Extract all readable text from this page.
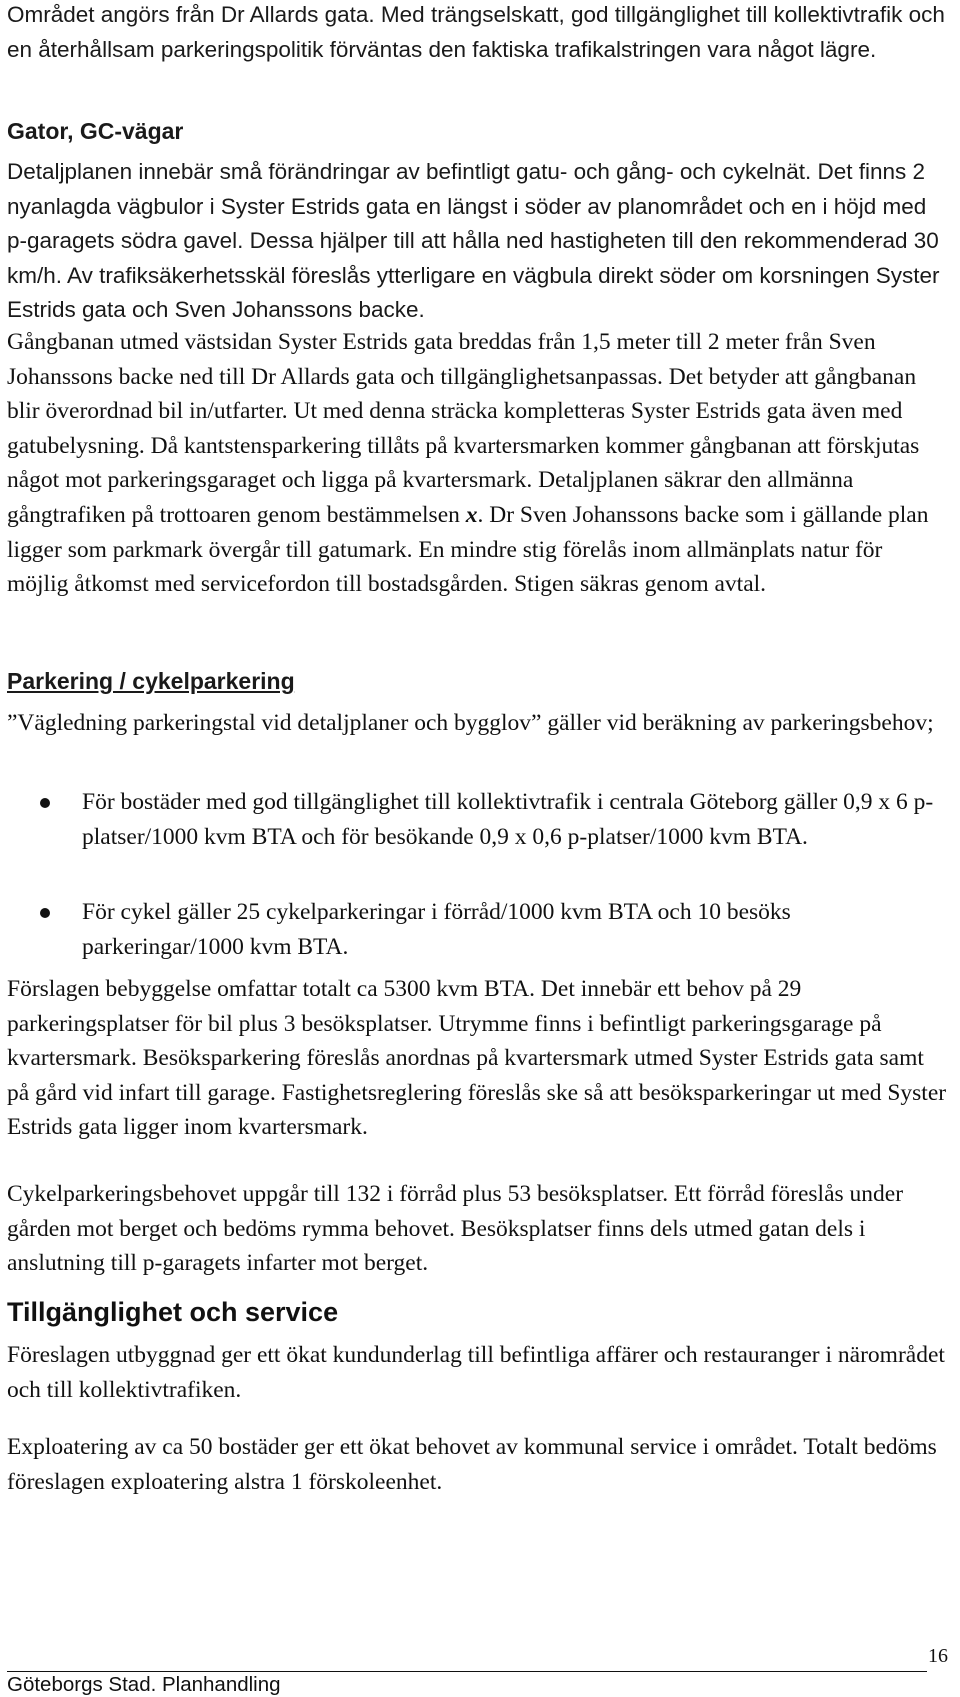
Området angörs från Dr Allards gata. Med trängselskatt, god tillgänglighet till kollektivtrafik och en återhållsam parkeringspolitik förväntas den faktiska trafikalstringen vara något lägre.

Gator, GC-vägar

Detaljplanen innebär små förändringar av befintligt gatu- och gång- och cykelnät. Det finns 2 nyanlagda vägbulor i Syster Estrids gata en längst i söder av planområdet och en i höjd med p-garagets södra gavel. Dessa hjälper till att hålla ned hastigheten till den rekommenderad 30 km/h. Av trafiksäkerhetsskäl föreslås ytterligare en vägbula direkt söder om korsningen Syster Estrids gata och Sven Johanssons backe.

Gångbanan utmed västsidan Syster Estrids gata breddas från 1,5 meter till 2 meter från Sven Johanssons backe ned till Dr Allards gata och tillgänglighetsanpassas. Det betyder att gångbanan blir överordnad bil in/utfarter. Ut med denna sträcka kompletteras Syster Estrids gata även med gatubelysning. Då kantstensparkering tillåts på kvartersmarken kommer gångbanan att förskjutas något mot parkeringsgaraget och ligga på kvartersmark. Detaljplanen säkrar den allmänna gångtrafiken på trottoaren genom bestämmelsen x. Dr Sven Johanssons backe som i gällande plan ligger som parkmark övergår till gatumark. En mindre stig förelås inom allmänplats natur för möjlig åtkomst med servicefordon till bostadsgården. Stigen säkras genom avtal.

Parkering / cykelparkering

”Vägledning parkeringstal vid detaljplaner och bygglov” gäller vid beräkning av parkeringsbehov;

För bostäder med god tillgänglighet till kollektivtrafik i centrala Göteborg gäller 0,9 x 6 p-platser/1000 kvm BTA och för besökande 0,9 x 0,6 p-platser/1000 kvm BTA.

För cykel gäller 25 cykelparkeringar i förråd/1000 kvm BTA och 10 besöks parkeringar/1000 kvm BTA.

Förslagen bebyggelse omfattar totalt ca 5300 kvm BTA. Det innebär ett behov på 29 parkeringsplatser för bil plus 3 besöksplatser. Utrymme finns i befintligt parkeringsgarage på kvartersmark. Besöksparkering föreslås anordnas på kvartersmark utmed Syster Estrids gata samt på gård vid infart till garage. Fastighetsreglering föreslås ske så att besöksparkeringar ut med Syster Estrids gata ligger inom kvartersmark.

Cykelparkeringsbehovet uppgår till 132 i förråd plus 53 besöksplatser. Ett förråd föreslås under gården mot berget och bedöms rymma behovet. Besöksplatser finns dels utmed gatan dels i anslutning till p-garagets infarter mot berget.

Tillgänglighet och service

Föreslagen utbyggnad ger ett ökat kundunderlag till befintliga affärer och restauranger i närområdet och till kollektivtrafiken.

Exploatering av ca 50 bostäder ger ett ökat behovet av kommunal service i området. Totalt bedöms föreslagen exploatering alstra 1 förskoleenhet.

16
Göteborgs Stad. Planhandling
